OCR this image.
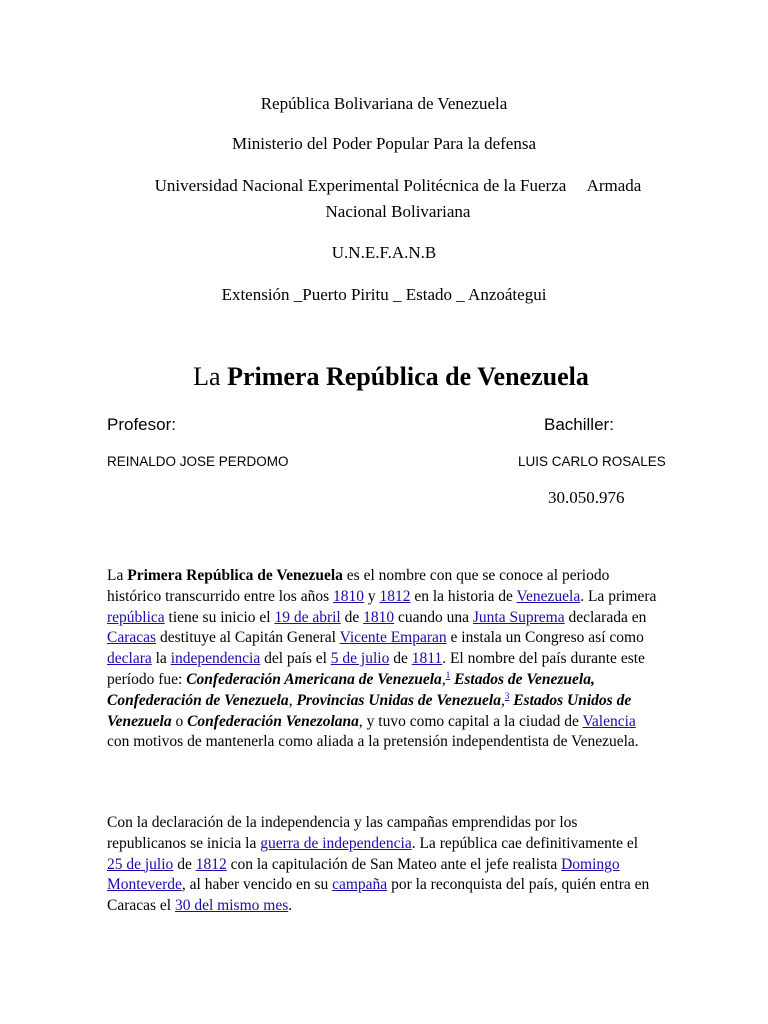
República Bolivariana de Venezuela
Ministerio del Poder Popular Para la defensa
Universidad Nacional Experimental Politécnica de la Fuerza     Armada
Nacional Bolivariana
U.N.E.F.A.N.B
Extensión _Puerto Piritu _ Estado _ Anzoátegui
La Primera República de Venezuela
Profesor:	Bachiller:
REINALDO JOSE PERDOMO	LUIS CARLO ROSALES
30.050.976

La Primera República de Venezuela es el nombre con que se conoce al periodo histórico transcurrido entre los años 1810 y 1812 en la historia de Venezuela. La primera república tiene su inicio el 19 de abril de 1810 cuando una Junta Suprema declarada en Caracas destituye al Capitán General Vicente Emparan e instala un Congreso así como declara la independencia del país el 5 de julio de 1811. El nombre del país durante este período fue: Confederación Americana de Venezuela,$^1$ Estados de Venezuela, Confederación de Venezuela, Provincias Unidas de Venezuela,$^3$ Estados Unidos de Venezuela o Confederación Venezolana, y tuvo como capital a la ciudad de Valencia con motivos de mantenerla como aliada a la pretensión independentista de Venezuela.

Con la declaración de la independencia y las campañas emprendidas por los republicanos se inicia la guerra de independencia. La república cae definitivamente el 25 de julio de 1812 con la capitulación de San Mateo ante el jefe realista Domingo Monteverde, al haber vencido en su campaña por la reconquista del país, quién entra en Caracas el 30 del mismo mes.
